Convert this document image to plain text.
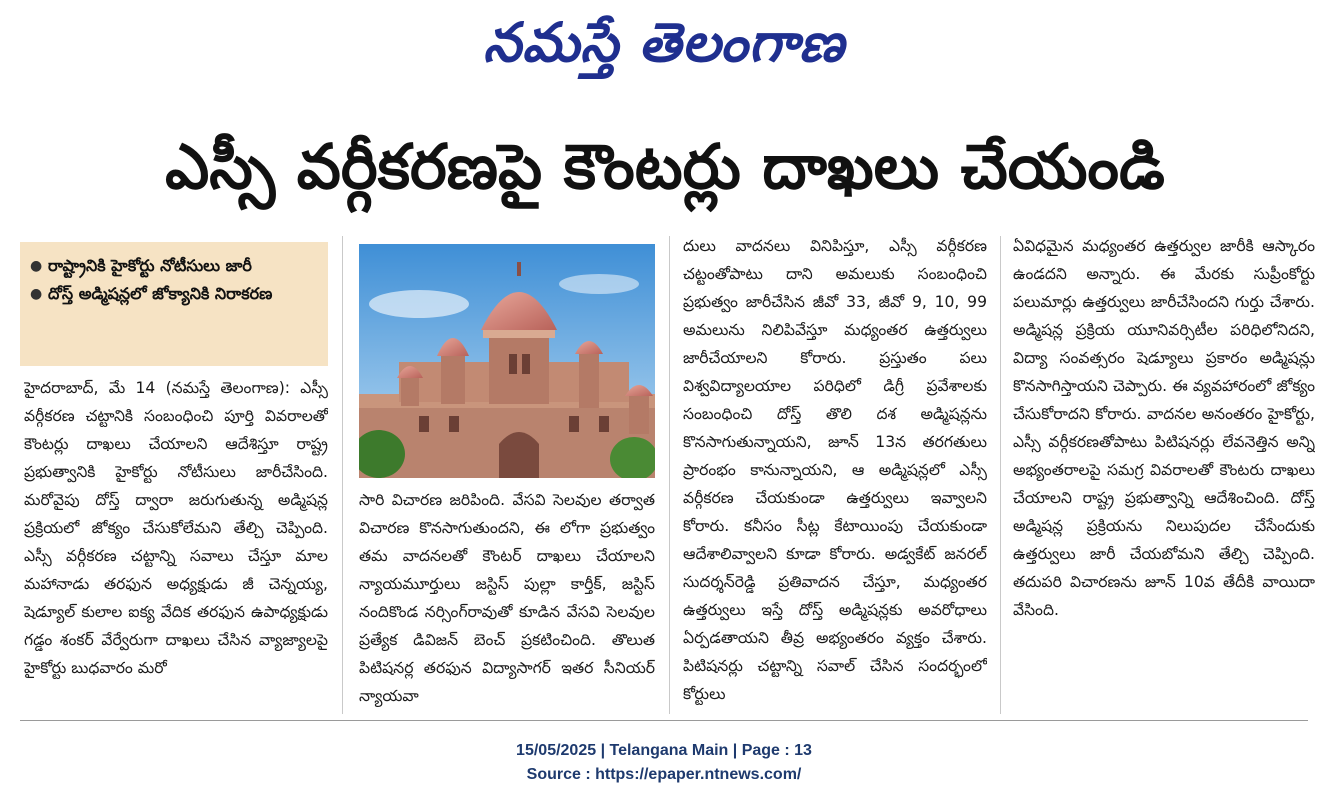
నమస్తే తెలంగాణ
ఎస్సీ వర్గీకరణపై కౌంటర్లు దాఖలు చేయండి
● రాష్ట్రానికి హైకోర్టు నోటీసులు జారీ
● దోస్త్ అడ్మిషన్లలో జోక్యానికి నిరాకరణ
హైదరాబాద్, మే 14 (నమస్తే తెలంగాణ): ఎస్సీ వర్గీకరణ చట్టానికి సంబంధించి పూర్తి వివరాలతో కౌంటర్లు దాఖలు చేయాలని ఆదేశిస్తూ రాష్ట్ర ప్రభుత్వానికి హైకోర్టు నోటీసులు జారీచేసింది. మరోవైపు దోస్త్ ద్వారా జరుగుతున్న అడ్మిషన్ల ప్రక్రియలో జోక్యం చేసుకోలేమని తేల్చి చెప్పింది. ఎస్సీ వర్గీకరణ చట్టాన్ని సవాలు చేస్తూ మాల మహానాడు తరఫున అధ్యక్షుడు జీ చెన్నయ్య, షెడ్యూల్ కులాల ఐక్య వేదిక తరఫున ఉపాధ్యక్షుడు గడ్డం శంకర్ వేర్వేరుగా దాఖలు చేసిన వ్యాజ్యాలపై హైకోర్టు బుధవారం మరో
సారి విచారణ జరిపింది. వేసవి సెలవుల తర్వాత విచారణ కొనసాగుతుందని, ఈ లోగా ప్రభుత్వం తమ వాదనలతో కౌంటర్ దాఖలు చేయాలని న్యాయమూర్తులు జస్టిస్ పుల్లా కార్తీక్, జస్టిస్ నందికొండ నర్సింగ్‌రావుతో కూడిన వేసవి సెలవుల ప్రత్యేక డివిజన్ బెంచ్ ప్రకటించింది. తొలుత పిటిషనర్ల తరఫున విద్యాసాగర్ ఇతర సీనియర్ న్యాయవా
దులు వాదనలు వినిపిస్తూ, ఎస్సీ వర్గీకరణ చట్టంతోపాటు దాని అమలుకు సంబంధించి ప్రభుత్వం జారీచేసిన జీవో 33, జీవో 9, 10, 99 అమలును నిలిపివేస్తూ మధ్యంతర ఉత్తర్వులు జారీచేయాలని కోరారు. ప్రస్తుతం పలు విశ్వవిద్యాలయాల పరిధిలో డిగ్రీ ప్రవేశాలకు సంబంధించి దోస్త్ తొలి దశ అడ్మిషన్లను కొనసాగుతున్నాయని, జూన్ 13న తరగతులు ప్రారంభం కానున్నాయని, ఆ అడ్మిషన్లలో ఎస్సీ వర్గీకరణ చేయకుండా ఉత్తర్వులు ఇవ్వాలని కోరారు. కనీసం సీట్ల కేటాయింపు చేయకుండా ఆదేశాలివ్వాలని కూడా కోరారు. అడ్వకేట్ జనరల్ సుదర్శన్‌రెడ్డి ప్రతివాదన చేస్తూ, మధ్యంతర ఉత్తర్వులు ఇస్తే దోస్త్ అడ్మిషన్లకు అవరోధాలు ఏర్పడతాయని తీవ్ర అభ్యంతరం వ్యక్తం చేశారు. పిటిషనర్లు చట్టాన్ని సవాల్ చేసిన సందర్భంలో కోర్టులు
ఏవిధమైన మధ్యంతర ఉత్తర్వుల జారీకి ఆస్కారం ఉండదని అన్నారు. ఈ మేరకు సుప్రీంకోర్టు పలుమార్లు ఉత్తర్వులు జారీచేసిందని గుర్తు చేశారు. అడ్మిషన్ల ప్రక్రియ యూనివర్సిటీల పరిధిలోనిదని, విద్యా సంవత్సరం షెడ్యూలు ప్రకారం అడ్మిషన్లు కొనసాగిస్తాయని చెప్పారు. ఈ వ్యవహారంలో జోక్యం చేసుకోరాదని కోరారు. వాదనల అనంతరం హైకోర్టు, ఎస్సీ వర్గీకరణతోపాటు పిటిషనర్లు లేవనెత్తిన అన్ని అభ్యంతరాలపై సమగ్ర వివరాలతో కౌంటరు దాఖలు చేయాలని రాష్ట్ర ప్రభుత్వాన్ని ఆదేశించింది. దోస్త్ అడ్మిషన్ల ప్రక్రియను నిలుపుదల చేసేందుకు ఉత్తర్వులు జారీ చేయబోమని తేల్చి చెప్పింది. తదుపరి విచారణను జూన్ 10వ తేదీకి వాయిదా వేసింది.
15/05/2025 | Telangana Main | Page : 13
Source : https://epaper.ntnews.com/
